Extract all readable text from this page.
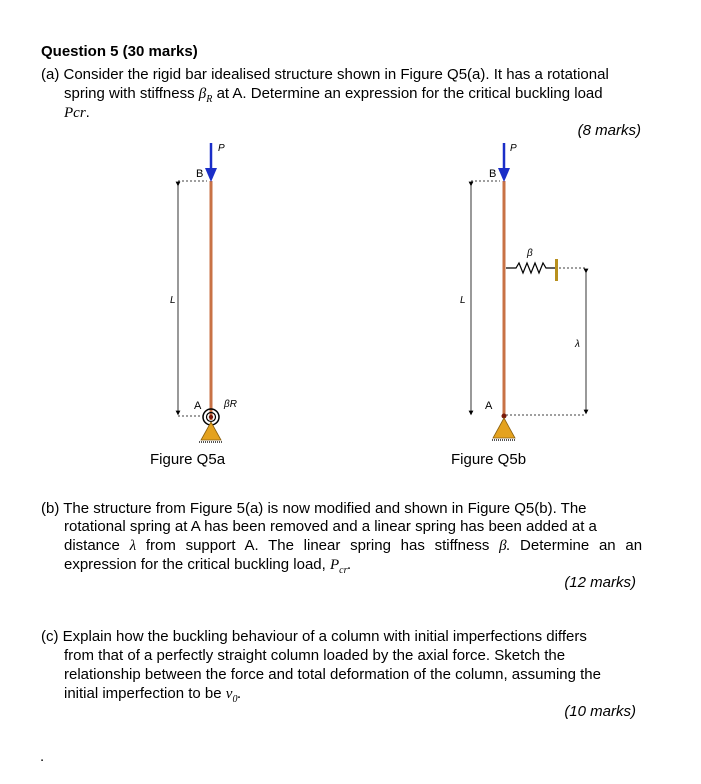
Question 5 (30 marks)
(a) Consider the rigid bar idealised structure shown in Figure Q5(a). It has a rotational
spring with stiffness $\beta_R$ at A. Determine an expression for the critical buckling load
Pcr.
(8 marks)
P
B
L
A βR
P
B
L
A
β
λ
Figure Q5a	Figure Q5b
(b) The structure from Figure 5(a) is now modified and shown in Figure Q5(b). The
rotational spring at A has been removed and a linear spring has been added at a
distance λ from support A. The linear spring has stiffness β. Determine an an
expression for the critical buckling load, $P_{cr}$.
(12 marks)
(c) Explain how the buckling behaviour of a column with initial imperfections differs
from that of a perfectly straight column loaded by the axial force. Sketch the
relationship between the force and total deformation of the column, assuming the
initial imperfection to be $v_0$.
(10 marks)
.
